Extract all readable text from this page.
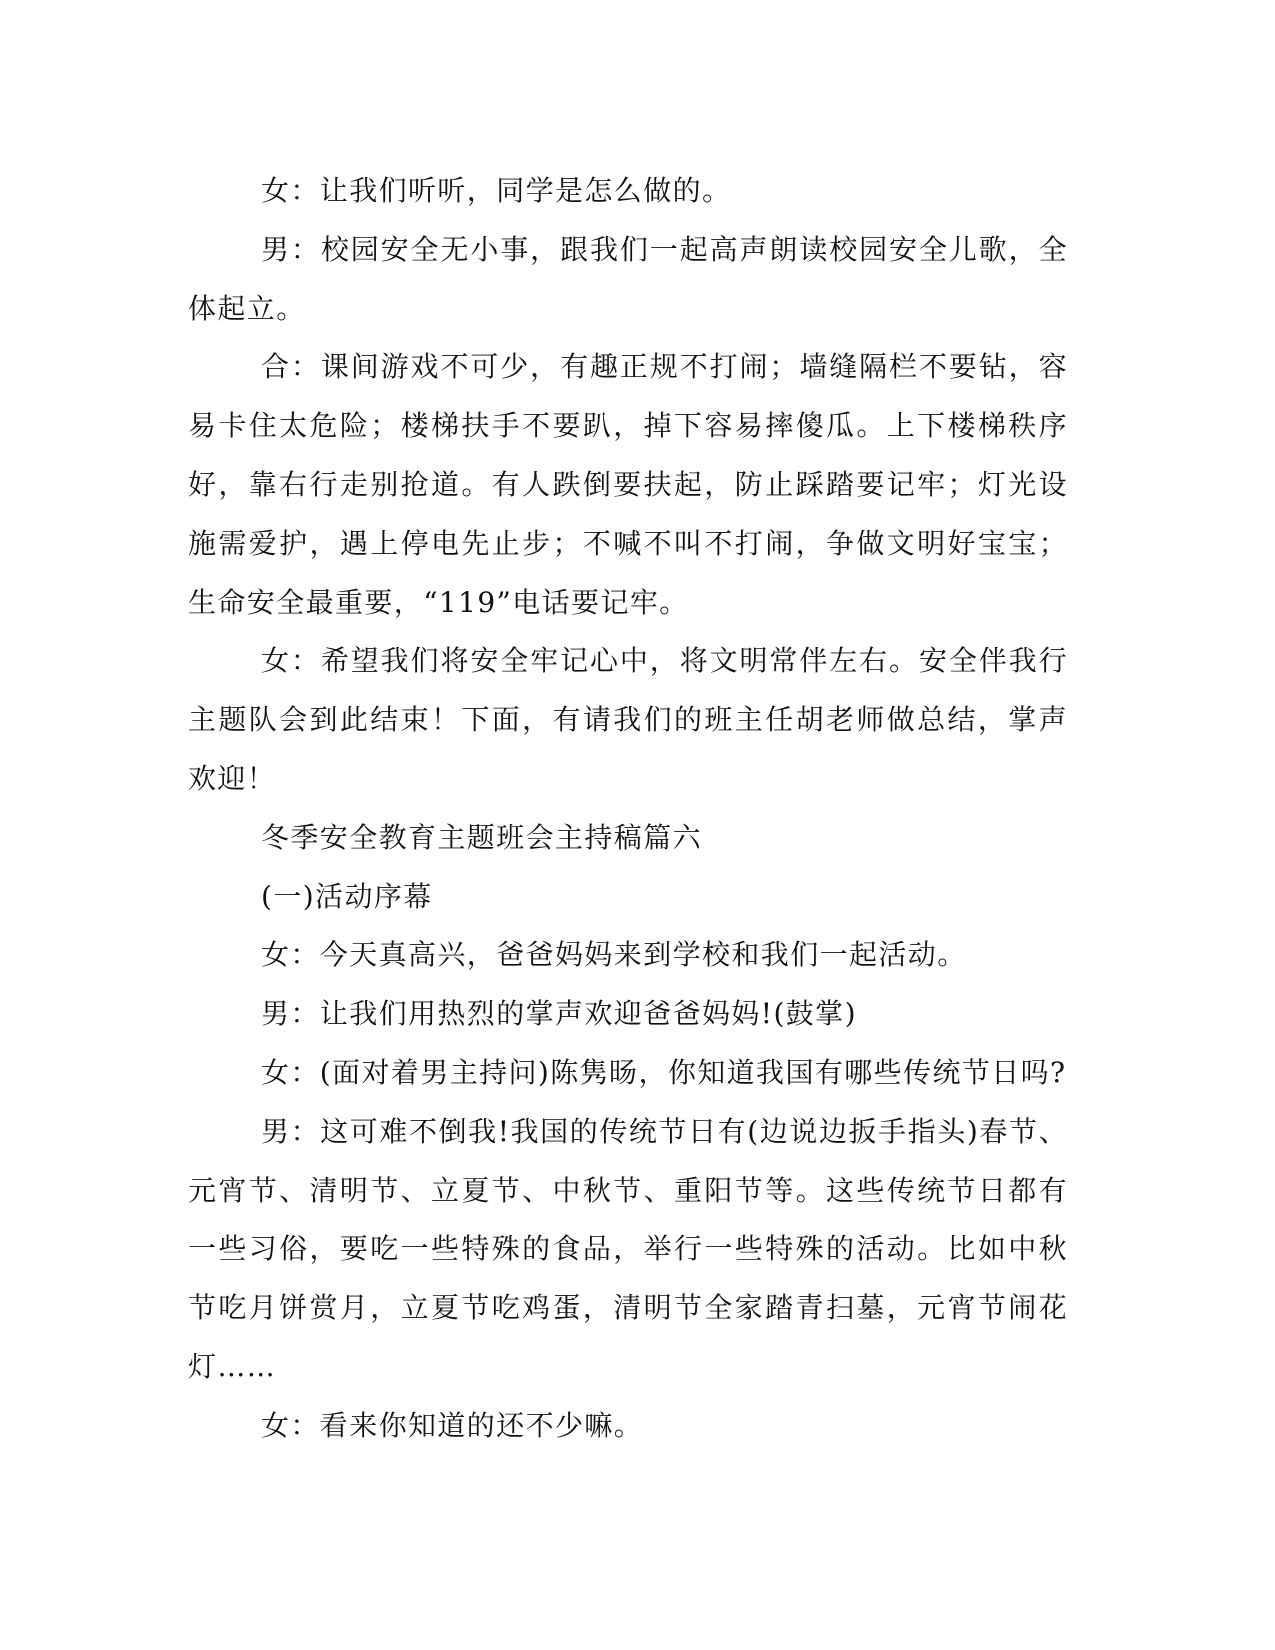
女：让我们听听，同学是怎么做的。

男：校园安全无小事，跟我们一起高声朗读校园安全儿歌，全体起立。

合：课间游戏不可少，有趣正规不打闹；墙缝隔栏不要钻，容易卡住太危险；楼梯扶手不要趴，掉下容易摔傻瓜。上下楼梯秩序好，靠右行走别抢道。有人跌倒要扶起，防止踩踏要记牢；灯光设施需爱护，遇上停电先止步；不喊不叫不打闹，争做文明好宝宝；生命安全最重要，“119”电话要记牢。

女：希望我们将安全牢记心中，将文明常伴左右。安全伴我行主题队会到此结束！下面，有请我们的班主任胡老师做总结，掌声欢迎！

冬季安全教育主题班会主持稿篇六

(一)活动序幕

女：今天真高兴，爸爸妈妈来到学校和我们一起活动。

男：让我们用热烈的掌声欢迎爸爸妈妈!(鼓掌)

女：(面对着男主持问)陈隽旸，你知道我国有哪些传统节日吗?

男：这可难不倒我!我国的传统节日有(边说边扳手指头)春节、元宵节、清明节、立夏节、中秋节、重阳节等。这些传统节日都有一些习俗，要吃一些特殊的食品，举行一些特殊的活动。比如中秋节吃月饼赏月，立夏节吃鸡蛋，清明节全家踏青扫墓，元宵节闹花灯……

女：看来你知道的还不少嘛。
